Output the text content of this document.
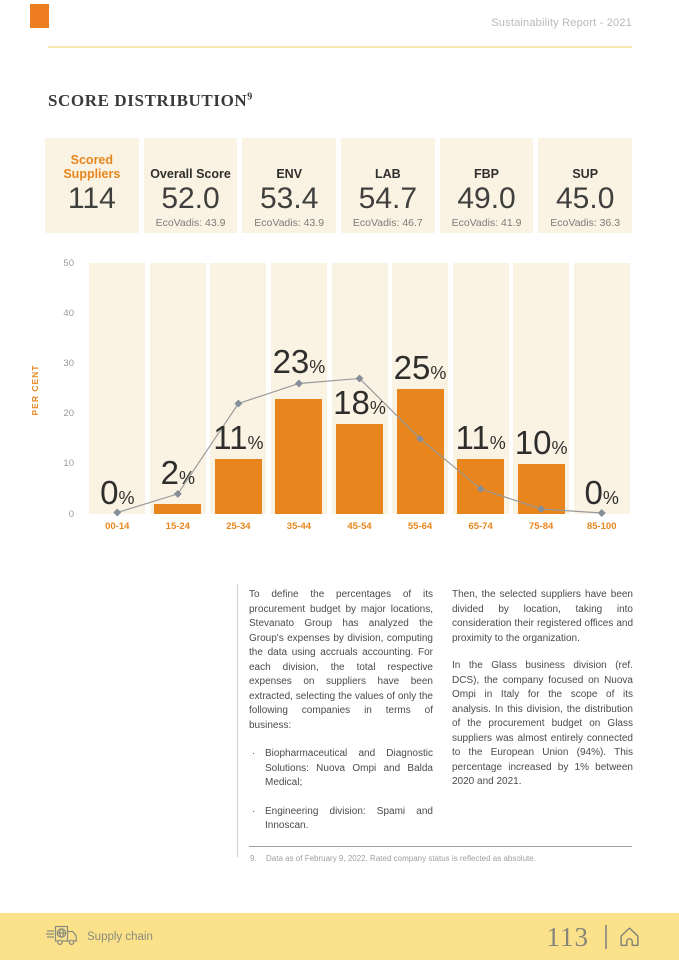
Sustainability Report - 2021
SCORE DISTRIBUTION$^9$
Scored Suppliers
114
Overall Score
52.0
EcoVadis: 43.9
ENV
53.4
EcoVadis: 43.9
LAB
54.7
EcoVadis: 46.7
FBP
49.0
EcoVadis: 41.9
SUP
45.0
EcoVadis: 36.3
PER CENT
50
40
30
20
10
0
00-14	15-24	25-34	35-44	45-54	55-64	65-74	75-84	85-100
0%
2%
11%
23%
18%
25%
11% 10%
0%

To define the percentages of its procurement budget by major locations, Stevanato Group has analyzed the Group's expenses by division, computing the data using accruals accounting. For each division, the total respective expenses on suppliers have been extracted, selecting the values of only the following companies in terms of business:

· Biopharmaceutical and Diagnostic Solutions: Nuova Ompi and Balda Medical;
· Engineering division: Spami and Innoscan.

Then, the selected suppliers have been divided by location, taking into consideration their registered offices and proximity to the organization.

In the Glass business division (ref. DCS), the company focused on Nuova Ompi in Italy for the scope of its analysis. In this division, the distribution of the procurement budget on Glass suppliers was almost entirely connected to the European Union (94%). This percentage increased by 1% between 2020 and 2021.

9. Data as of February 9, 2022. Rated company status is reflected as absolute.
Supply chain	113
